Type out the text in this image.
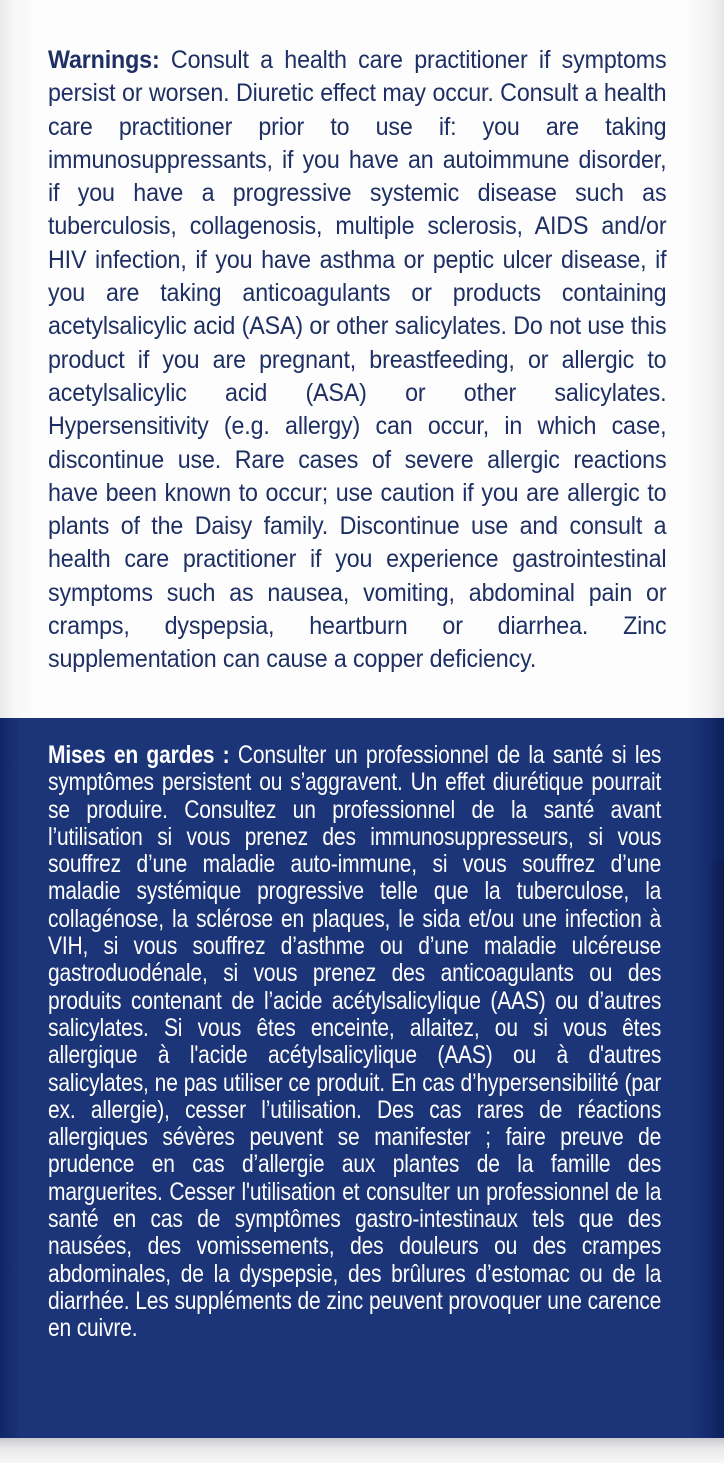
Warnings: Consult a health care practitioner if symptoms persist or worsen. Diuretic effect may occur. Consult a health care practitioner prior to use if: you are taking immunosuppressants, if you have an autoimmune disorder, if you have a progressive systemic disease such as tuberculosis, collagenosis, multiple sclerosis, AIDS and/or HIV infection, if you have asthma or peptic ulcer disease, if you are taking anticoagulants or products containing acetylsalicylic acid (ASA) or other salicylates. Do not use this product if you are pregnant, breastfeeding, or allergic to acetylsalicylic acid (ASA) or other salicylates. Hypersensitivity (e.g. allergy) can occur, in which case, discontinue use. Rare cases of severe allergic reactions have been known to occur; use caution if you are allergic to plants of the Daisy family. Discontinue use and consult a health care practitioner if you experience gastrointestinal symptoms such as nausea, vomiting, abdominal pain or cramps, dyspepsia, heartburn or diarrhea. Zinc supplementation can cause a copper deficiency.

Mises en gardes : Consulter un professionnel de la santé si les symptômes persistent ou s’aggravent. Un effet diurétique pourrait se produire. Consultez un professionnel de la santé avant l’utilisation si vous prenez des immunosuppresseurs, si vous souffrez d’une maladie auto-immune, si vous souffrez d’une maladie systémique progressive telle que la tuberculose, la collagénose, la sclérose en plaques, le sida et/ou une infection à VIH, si vous souffrez d’asthme ou d’une maladie ulcéreuse gastroduodénale, si vous prenez des anticoagulants ou des produits contenant de l’acide acétylsalicylique (AAS) ou d’autres salicylates. Si vous êtes enceinte, allaitez, ou si vous êtes allergique à l'acide acétylsalicylique (AAS) ou à d'autres salicylates, ne pas utiliser ce produit. En cas d’hypersensibilité (par ex. allergie), cesser l’utilisation. Des cas rares de réactions allergiques sévères peuvent se manifester ; faire preuve de prudence en cas d’allergie aux plantes de la famille des marguerites. Cesser l'utilisation et consulter un professionnel de la santé en cas de symptômes gastro-intestinaux tels que des nausées, des vomissements, des douleurs ou des crampes abdominales, de la dyspepsie, des brûlures d’estomac ou de la diarrhée. Les suppléments de zinc peuvent provoquer une carence en cuivre.
